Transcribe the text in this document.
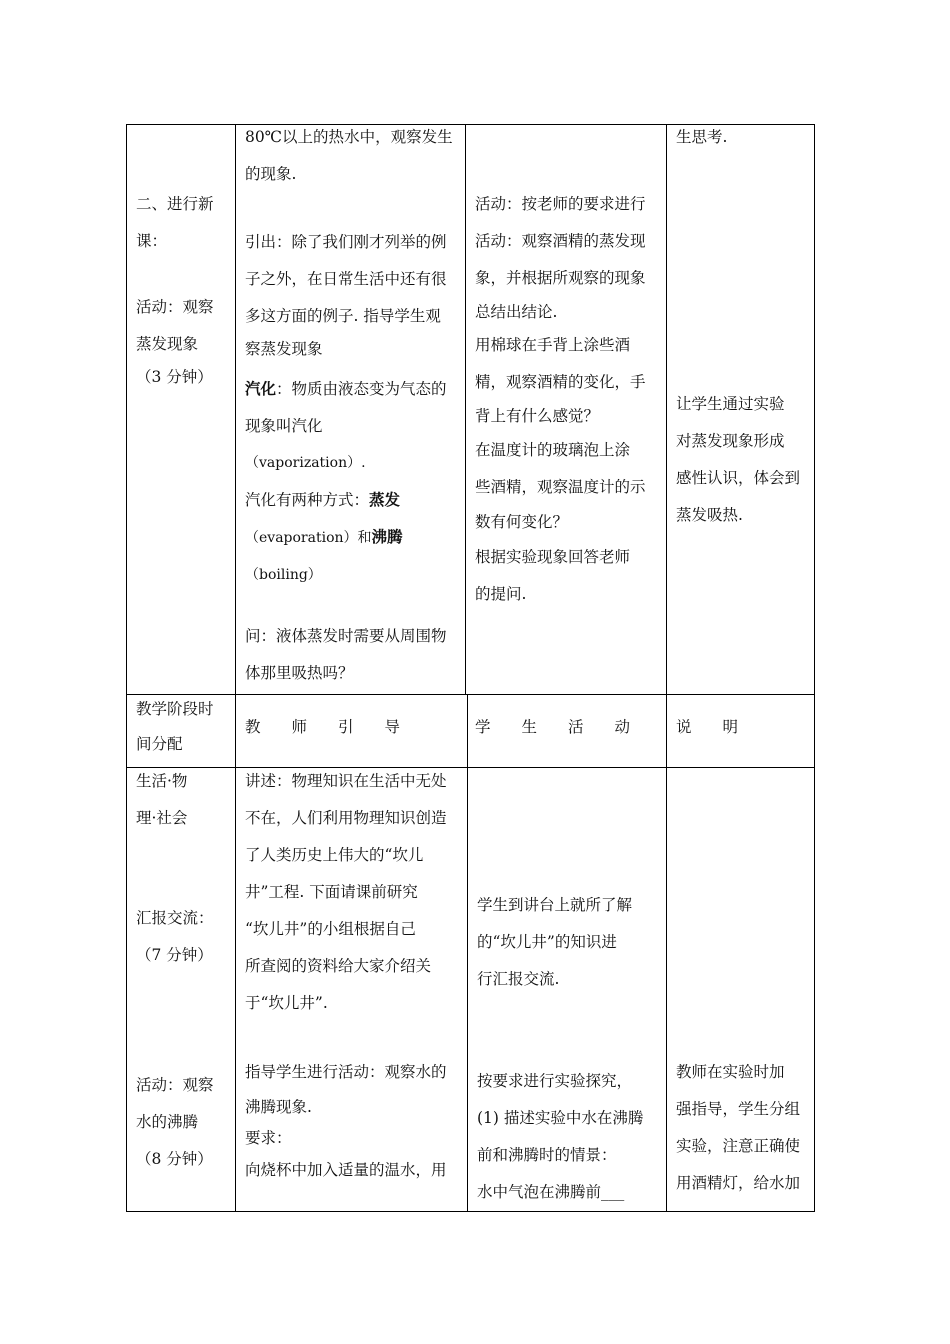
二、进行新

课：

活动：观察

蒸发现象

（3 分钟）

80℃以上的热水中，观察发生

的现象.

引出：除了我们刚才列举的例

子之外，在日常生活中还有很

多这方面的例子. 指导学生观

察蒸发现象

汽化：物质由液态变为气态的

现象叫汽化

（vaporization）.

汽化有两种方式：蒸发

（evaporation）和沸腾

（boiling）

问：液体蒸发时需要从周围物

体那里吸热吗？

活动：按老师的要求进行

活动：观察酒精的蒸发现

象，并根据所观察的现象

总结出结论.

用棉球在手背上涂些酒

精，观察酒精的变化，手

背上有什么感觉？

在温度计的玻璃泡上涂

些酒精，观察温度计的示

数有何变化？

根据实验现象回答老师

的提问.

生思考.

让学生通过实验

对蒸发现象形成

感性认识，体会到

蒸发吸热.

教学阶段时

间分配

教　　师　　引　　导	学　　生　　活　　动	说　　明

生活·物

理·社会

汇报交流：

（7 分钟）

活动：观察

水的沸腾

（8 分钟）

讲述：物理知识在生活中无处

不在，人们利用物理知识创造

了人类历史上伟大的“坎儿

井”工程. 下面请课前研究

“坎儿井”的小组根据自己

所查阅的资料给大家介绍关

于“坎儿井”.

指导学生进行活动：观察水的

沸腾现象.

要求：

向烧杯中加入适量的温水，用

学生到讲台上就所了解

的“坎儿井”的知识进

行汇报交流.

按要求进行实验探究，

(1) 描述实验中水在沸腾

前和沸腾时的情景：

水中气泡在沸腾前___

教师在实验时加

强指导，学生分组

实验，注意正确使

用酒精灯，给水加
